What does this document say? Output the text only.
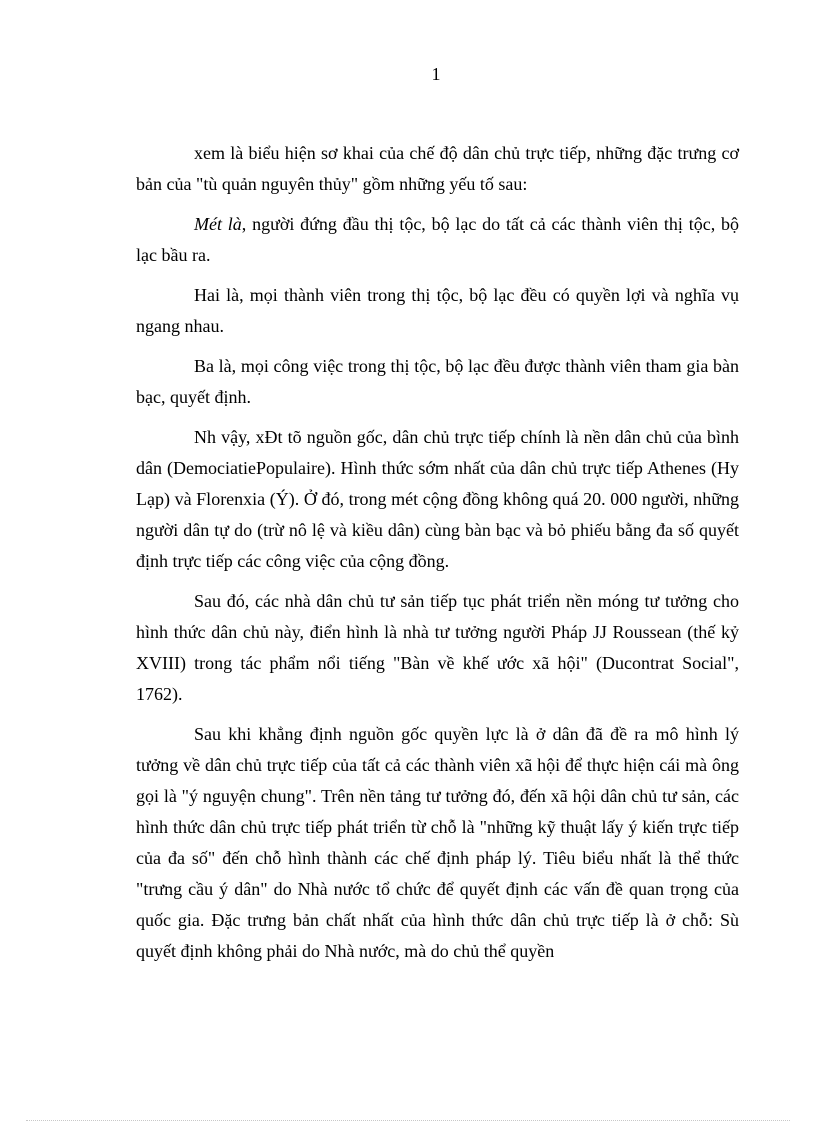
1

xem là biểu hiện sơ khai của chế độ dân chủ trực tiếp, những đặc trưng cơ bản của "tù quản nguyên thủy" gồm những yếu tố sau:

Mét là, người đứng đầu thị tộc, bộ lạc do tất cả các thành viên thị tộc, bộ lạc bầu ra.

Hai là, mọi thành viên trong thị tộc, bộ lạc đều có quyền lợi và nghĩa vụ ngang nhau.

Ba là, mọi công việc trong thị tộc, bộ lạc đều được thành viên tham gia bàn bạc, quyết định.

Nh vậy, xĐt tõ nguồn gốc, dân chủ trực tiếp chính là nền dân chủ của bình dân (DemociatiePopulaire). Hình thức sớm nhất của dân chủ trực tiếp Athenes (Hy Lạp) và Florenxia (Ý). Ở đó, trong mét cộng đồng không quá 20. 000 người, những người dân tự do (trừ nô lệ và kiều dân) cùng bàn bạc và bỏ phiếu bằng đa số quyết định trực tiếp các công việc của cộng đồng.

Sau đó, các nhà dân chủ tư sản tiếp tục phát triển nền móng tư tưởng cho hình thức dân chủ này, điển hình là nhà tư tưởng người Pháp JJ Roussean (thế kỷ XVIII) trong tác phẩm nổi tiếng "Bàn về khế ước xã hội" (Ducontrat Social", 1762).

Sau khi khẳng định nguồn gốc quyền lực là ở dân đã đề ra mô hình lý tưởng về dân chủ trực tiếp của tất cả các thành viên xã hội để thực hiện cái mà ông gọi là "ý nguyện chung". Trên nền tảng tư tưởng đó, đến xã hội dân chủ tư sản, các hình thức dân chủ trực tiếp phát triển từ chỗ là "những kỹ thuật lấy ý kiến trực tiếp của đa số" đến chỗ hình thành các chế định pháp lý. Tiêu biểu nhất là thể thức "trưng cầu ý dân" do Nhà nước tổ chức để quyết định các vấn đề quan trọng của quốc gia. Đặc trưng bản chất nhất của hình thức dân chủ trực tiếp là ở chỗ: Sù quyết định không phải do Nhà nước, mà do chủ thể quyền
